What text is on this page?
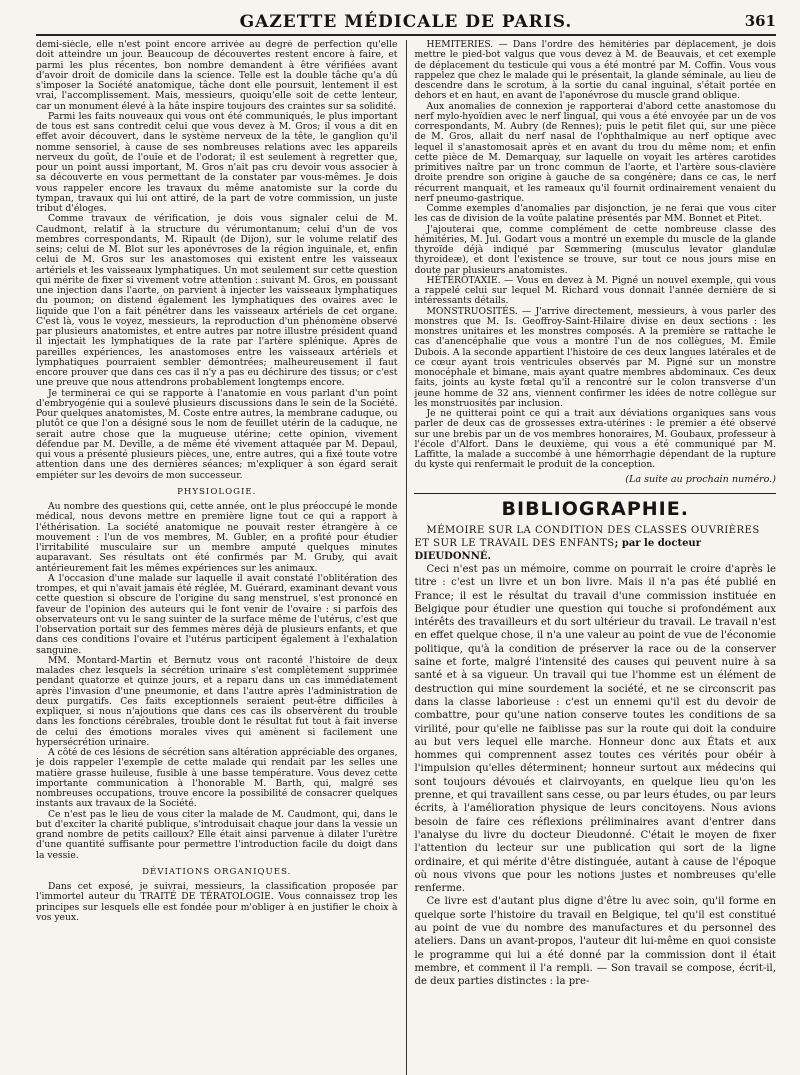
GAZETTE MÉDICALE DE PARIS.	361

demi-siècle, elle n'est point encore arrivée au degré de perfection qu'elle doit atteindre un jour. Beaucoup de découvertes restent encore à faire, et parmi les plus récentes, bon nombre demandent à être vérifiées avant d'avoir droit de domicile dans la science. Telle est la double tâche qu'a dû s'imposer la Société anatomique, tâche dont elle poursuit, lentement il est vrai, l'accomplissement. Mais, messieurs, quoiqu'elle soit de cette lenteur, car un monument élevé à la hâte inspire toujours des craintes sur sa solidité.

Parmi les faits nouveaux qui vous ont été communiqués, le plus important de tous est sans contredit celui que vous devez à M. Gros; il vous a dit en effet avoir découvert, dans le système nerveux de la tête, le ganglion qu'il nomme sensoriel, à cause de ses nombreuses relations avec les appareils nerveux du goût, de l'ouïe et de l'odorat; il est seulement à regretter que, pour un point aussi important, M. Gros n'ait pas cru devoir vous associer à sa découverte en vous permettant de la constater par vous-mêmes. Je dois vous rappeler encore les travaux du même anatomiste sur la corde du tympan, travaux qui lui ont attiré, de la part de votre commission, un juste tribut d'éloges.

Comme travaux de vérification, je dois vous signaler celui de M. Caudmont, relatif à la structure du vérumontanum; celui d'un de vos membres correspondants, M. Ripault (de Dijon), sur le volume relatif des seins; celui de M. Blot sur les aponévroses de la région inguinale, et, enfin celui de M. Gros sur les anastomoses qui existent entre les vaisseaux artériels et les vaisseaux lymphatiques. Un mot seulement sur cette question qui mérite de fixer si vivement votre attention : suivant M. Gros, en poussant une injection dans l'aorte, on parvient à injecter les vaisseaux lymphatiques du poumon; on distend également les lymphatiques des ovaires avec le liquide que l'on a fait pénétrer dans les vaisseaux artériels de cet organe. C'est là, vous le voyez, messieurs, la reproduction d'un phénomène observé par plusieurs anatomistes, et entre autres par notre illustre président quand il injectait les lymphatiques de la rate par l'artère splénique. Après de pareilles expériences, les anastomoses entre les vaisseaux artériels et lymphatiques pourraient sembler démontrées; malheureusement il faut encore prouver que dans ces cas il n'y a pas eu déchirure des tissus; or c'est une preuve que nous attendrons probablement longtemps encore.

Je terminerai ce qui se rapporte à l'anatomie en vous parlant d'un point d'embryogénie qui a soulevé plusieurs discussions dans le sein de la Société. Pour quelques anatomistes, M. Coste entre autres, la membrane caduque, ou plutôt ce que l'on a désigné sous le nom de feuillet utérin de la caduque, ne serait autre chose que la muqueuse utérine; cette opinion, vivement défendue par M. Deville, a de même été vivement attaquée par M. Depaul, qui vous a présenté plusieurs pièces, une, entre autres, qui a fixé toute votre attention dans une des dernières séances; m'expliquer à son égard serait empiéter sur les devoirs de mon successeur.

PHYSIOLOGIE.

Au nombre des questions qui, cette année, ont le plus préoccupé le monde médical, nous devons mettre en première ligne tout ce qui a rapport à l'éthérisation. La société anatomique ne pouvait rester étrangère à ce mouvement : l'un de vos membres, M. Gubler, en a profité pour étudier l'irritabilité musculaire sur un membre amputé quelques minutes auparavant. Ses résultats ont été confirmés par M. Gruby, qui avait antérieurement fait les mêmes expériences sur les animaux.

A l'occasion d'une malade sur laquelle il avait constaté l'oblitération des trompes, et qui n'avait jamais été réglée, M. Guérard, examinant devant vous cette question si obscure de l'origine du sang menstruel, s'est prononcé en faveur de l'opinion des auteurs qui le font venir de l'ovaire : si parfois des observateurs ont vu le sang suinter de la surface même de l'utérus, c'est que l'observation portait sur des femmes mères déjà de plusieurs enfants, et que dans ces conditions l'ovaire et l'utérus participent également à l'exhalation sanguine.

MM. Montard-Martin et Bernutz vous ont raconté l'histoire de deux malades chez lesquels la sécrétion urinaire s'est complètement supprimée pendant quatorze et quinze jours, et a reparu dans un cas immédiatement après l'invasion d'une pneumonie, et dans l'autre après l'administration de deux purgatifs. Ces faits exceptionnels seraient peut-être difficiles à expliquer, si nous n'ajoutions que dans ces cas ils observèrent du trouble dans les fonctions cérébrales, trouble dont le résultat fut tout à fait inverse de celui des émotions morales vives qui amènent si facilement une hypersécrétion urinaire.

A côté de ces lésions de sécrétion sans altération appréciable des organes, je dois rappeler l'exemple de cette malade qui rendait par les selles une matière grasse huileuse, fusible à une basse température. Vous devez cette importante communication à l'honorable M. Barth, qui, malgré ses nombreuses occupations, trouve encore la possibilité de consacrer quelques instants aux travaux de la Société.

Ce n'est pas le lieu de vous citer la malade de M. Caudmont, qui, dans le but d'exciter la charité publique, s'introduisait chaque jour dans la vessie un grand nombre de petits cailloux? Elle était ainsi parvenue à dilater l'urètre d'une quantité suffisante pour permettre l'introduction facile du doigt dans la vessie.

DÉVIATIONS ORGANIQUES.

Dans cet exposé, je suivrai, messieurs, la classification proposée par l'immortel auteur du TRAITÉ DE TÉRATOLOGIE. Vous connaissez trop les principes sur lesquels elle est fondée pour m'obliger à en justifier le choix à vos yeux.

HÉMITÉRIES. — Dans l'ordre des hémitéries par déplacement, je dois mettre le pied-bot valgus que vous devez à M. de Beauvais, et cet exemple de déplacement du testicule qui vous a été montré par M. Coffin. Vous vous rappelez que chez le malade qui le présentait, la glande séminale, au lieu de descendre dans le scrotum, à la sortie du canal inguinal, s'était portée en dehors et en haut, en avant de l'aponévrose du muscle grand oblique.

Aux anomalies de connexion je rapporterai d'abord cette anastomose du nerf mylo-hyoïdien avec le nerf lingual, qui vous a été envoyée par un de vos correspondants, M. Aubry (de Rennes); puis le petit filet qui, sur une pièce de M. Gros, allait du nerf nasal de l'ophthalmique au nerf optique avec lequel il s'anastomosait après et en avant du trou du même nom; et enfin cette pièce de M. Demarquay, sur laquelle on voyait les artères carotides primitives naître par un tronc commun de l'aorte, et l'artère sous-clavière droite prendre son origine à gauche de sa congénère; dans ce cas, le nerf récurrent manquait, et les rameaux qu'il fournit ordinairement venaient du nerf pneumo-gastrique.

Comme exemples d'anomalies par disjonction, je ne ferai que vous citer les cas de division de la voûte palatine présentés par MM. Bonnet et Pitet.

J'ajouterai que, comme complément de cette nombreuse classe des hémitéries, M. Jul. Godart vous a montré un exemple du muscle de la glande thyroïde déjà indiqué par Sœmmering (musculus levator glandulæ thyroideæ), et dont l'existence se trouve, sur tout ce nous jours mise en doute par plusieurs anatomistes.

HÉTÉROTAXIE. — Vous en devez à M. Pigné un nouvel exemple, qui vous a rappelé celui sur lequel M. Richard vous donnait l'année dernière de si intéressants détails.

MONSTRUOSITÉS. — J'arrive directement, messieurs, à vous parler des monstres que M. Is. Geoffroy-Saint-Hilaire divise en deux sections : les monstres unitaires et les monstres composés. A la première se rattache le cas d'anencéphalie que vous a montré l'un de nos collègues, M. Émile Dubois. A la seconde appartient l'histoire de ces deux langues latérales et de ce cœur ayant trois ventricules observés par M. Pigné sur un monstre monocéphale et bimane, mais ayant quatre membres abdominaux. Ces deux faits, joints au kyste fœtal qu'il a rencontré sur le colon transverse d'un jeune homme de 32 ans, viennent confirmer les idées de notre collègue sur les monstruosités par inclusion.

Je ne quitterai point ce qui a trait aux déviations organiques sans vous parler de deux cas de grossesses extra-utérines : le premier a été observé sur une brebis par un de vos membres honoraires, M. Goubaux, professeur à l'école d'Alfort. Dans le deuxième, qui vous a été communiqué par M. Laffitte, la malade a succombé à une hémorrhagie dépendant de la rupture du kyste qui renfermait le produit de la conception.

(La suite au prochain numéro.)
BIBLIOGRAPHIE.

MÉMOIRE SUR LA CONDITION DES CLASSES OUVRIÈRES ET SUR LE TRAVAIL DES ENFANTS; par le docteur DIEUDONNÉ.

Ceci n'est pas un mémoire, comme on pourrait le croire d'après le titre : c'est un livre et un bon livre. Mais il n'a pas été publié en France; il est le résultat du travail d'une commission instituée en Belgique pour étudier une question qui touche si profondément aux intérêts des travailleurs et du sort ultérieur du travail. Le travail n'est en effet quelque chose, il n'a une valeur au point de vue de l'économie politique, qu'à la condition de préserver la race ou de la conserver saine et forte, malgré l'intensité des causes qui peuvent nuire à sa santé et à sa vigueur. Un travail qui tue l'homme est un élément de destruction qui mine sourdement la société, et ne se circonscrit pas dans la classe laborieuse : c'est un ennemi qu'il est du devoir de combattre, pour qu'une nation conserve toutes les conditions de sa virilité, pour qu'elle ne faiblisse pas sur la route qui doit la conduire au but vers lequel elle marche. Honneur donc aux États et aux hommes qui comprennent assez toutes ces vérités pour obéir à l'impulsion qu'elles déterminent; honneur surtout aux médecins qui sont toujours dévoués et clairvoyants, en quelque lieu qu'on les prenne, et qui travaillent sans cesse, ou par leurs études, ou par leurs écrits, à l'amélioration physique de leurs concitoyens. Nous avions besoin de faire ces réflexions préliminaires avant d'entrer dans l'analyse du livre du docteur Dieudonné. C'était le moyen de fixer l'attention du lecteur sur une publication qui sort de la ligne ordinaire, et qui mérite d'être distinguée, autant à cause de l'époque où nous vivons que pour les notions justes et nombreuses qu'elle renferme.

Ce livre est d'autant plus digne d'être lu avec soin, qu'il forme en quelque sorte l'histoire du travail en Belgique, tel qu'il est constitué au point de vue du nombre des manufactures et du personnel des ateliers. Dans un avant-propos, l'auteur dit lui-même en quoi consiste le programme qui lui a été donné par la commission dont il était membre, et comment il l'a rempli. — Son travail se compose, écrit-il, de deux parties distinctes : la pre-
